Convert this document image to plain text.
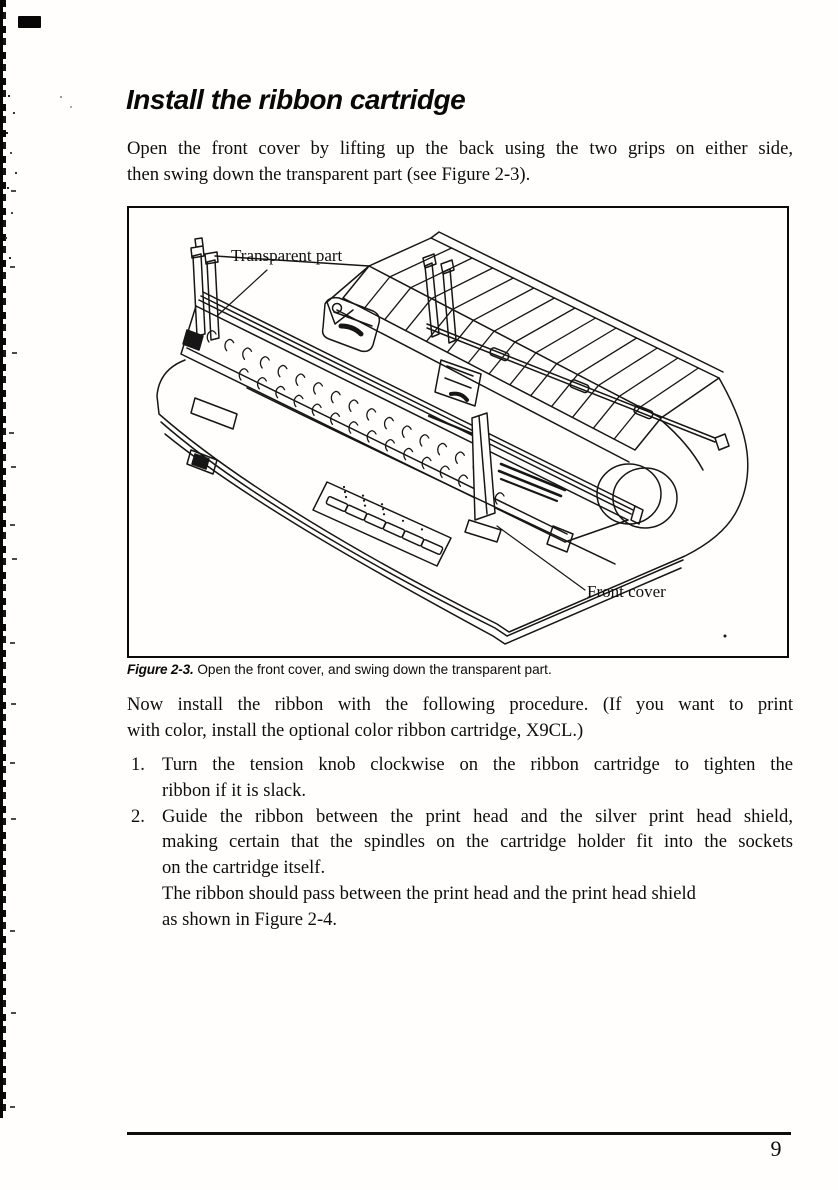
Install the ribbon cartridge
Open the front cover by lifting up the back using the two grips on either side,
then swing down the transparent part (see Figure 2-3).
Transparent part
Front cover
Figure 2-3. Open the front cover, and swing down the transparent part.
Now install the ribbon with the following procedure. (If you want to print
with color, install the optional color ribbon cartridge, X9CL.)
1. Turn the tension knob clockwise on the ribbon cartridge to tighten the
ribbon if it is slack.
2. Guide the ribbon between the print head and the silver print head shield,
making certain that the spindles on the cartridge holder fit into the sockets
on the cartridge itself.
The ribbon should pass between the print head and the print head shield
as shown in Figure 2-4.
9
